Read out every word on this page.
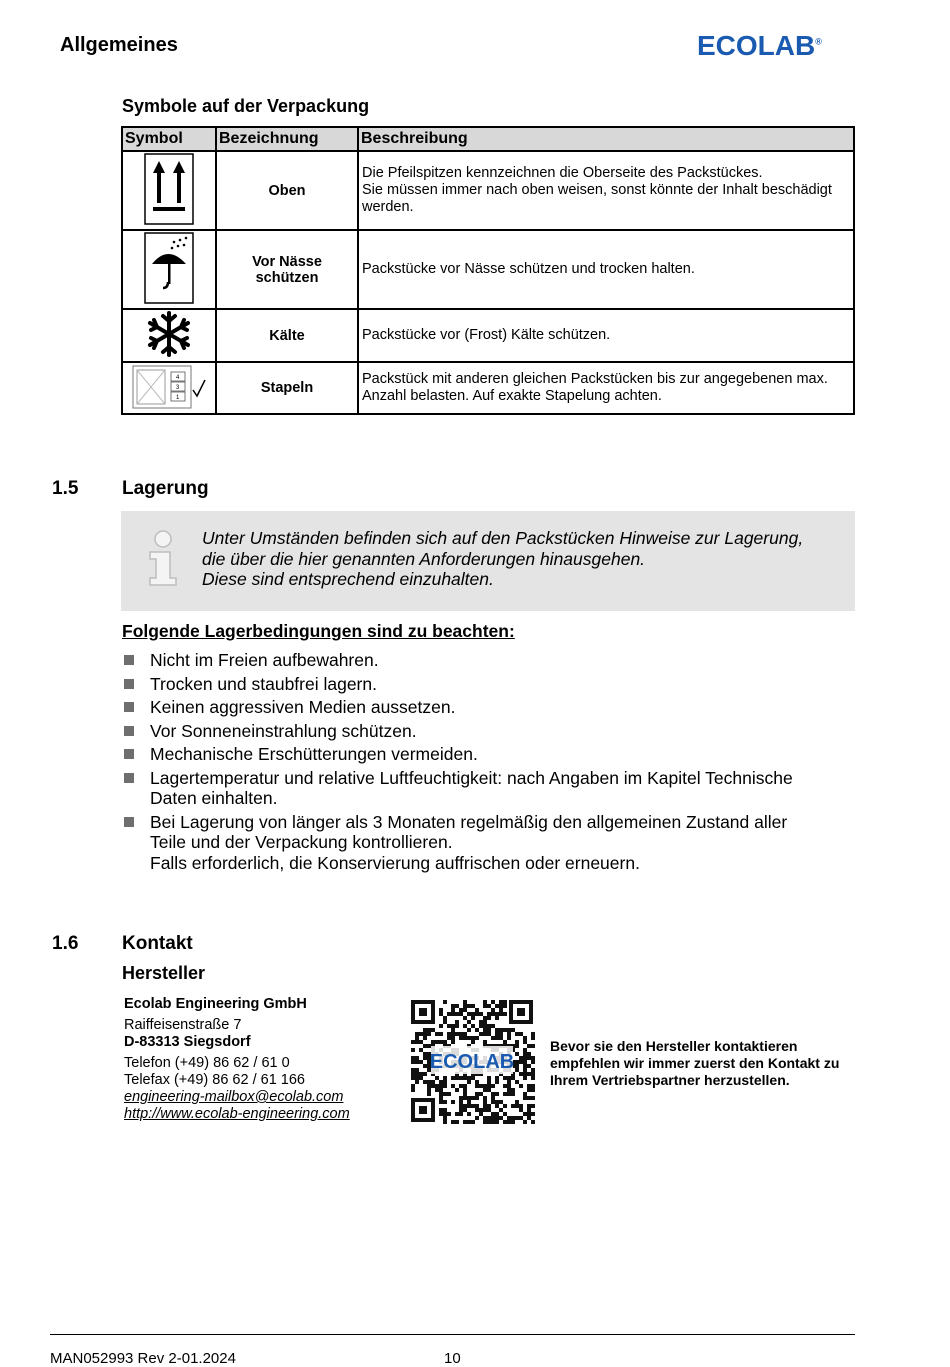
Allgemeines	ECOLAB®
Symbole auf der Verpackung
Symbol	Bezeichnung	Beschreibung
	Oben	Die Pfeilspitzen kennzeichnen die Oberseite des Packstückes.
Sie müssen immer nach oben weisen, sonst könnte der Inhalt beschädigt werden.

	Vor Nässe schützen	Packstücke vor Nässe schützen und trocken halten.

	Kälte	Packstücke vor (Frost) Kälte schützen.

4
3
1	Stapeln	Packstück mit anderen gleichen Packstücken bis zur angegebenen max. Anzahl belasten. Auf exakte Stapelung achten.
1.5 Lagerung
Unter Umständen befinden sich auf den Packstücken Hinweise zur Lagerung,
die über die hier genannten Anforderungen hinausgehen.
Diese sind entsprechend einzuhalten.
Folgende Lagerbedingungen sind zu beachten:
Nicht im Freien aufbewahren.
Trocken und staubfrei lagern.
Keinen aggressiven Medien aussetzen.
Vor Sonneneinstrahlung schützen.
Mechanische Erschütterungen vermeiden.
Lagertemperatur und relative Luftfeuchtigkeit: nach Angaben im Kapitel Technische
Daten einhalten.
Bei Lagerung von länger als 3 Monaten regelmäßig den allgemeinen Zustand aller
Teile und der Verpackung kontrollieren.
Falls erforderlich, die Konservierung auffrischen oder erneuern.
1.6 Kontakt
Hersteller
Ecolab Engineering GmbH
Raiffeisenstraße 7
D-83313 Siegsdorf
Telefon (+49) 86 62 / 61 0
Telefax (+49) 86 62 / 61 166
engineering-mailbox@ecolab.com
http://www.ecolab-engineering.com
ECOLAB
Bevor sie den Hersteller kontaktieren empfehlen wir immer zuerst den Kontakt zu Ihrem Vertriebspartner herzustellen.
MAN052993 Rev 2-01.2024	10
